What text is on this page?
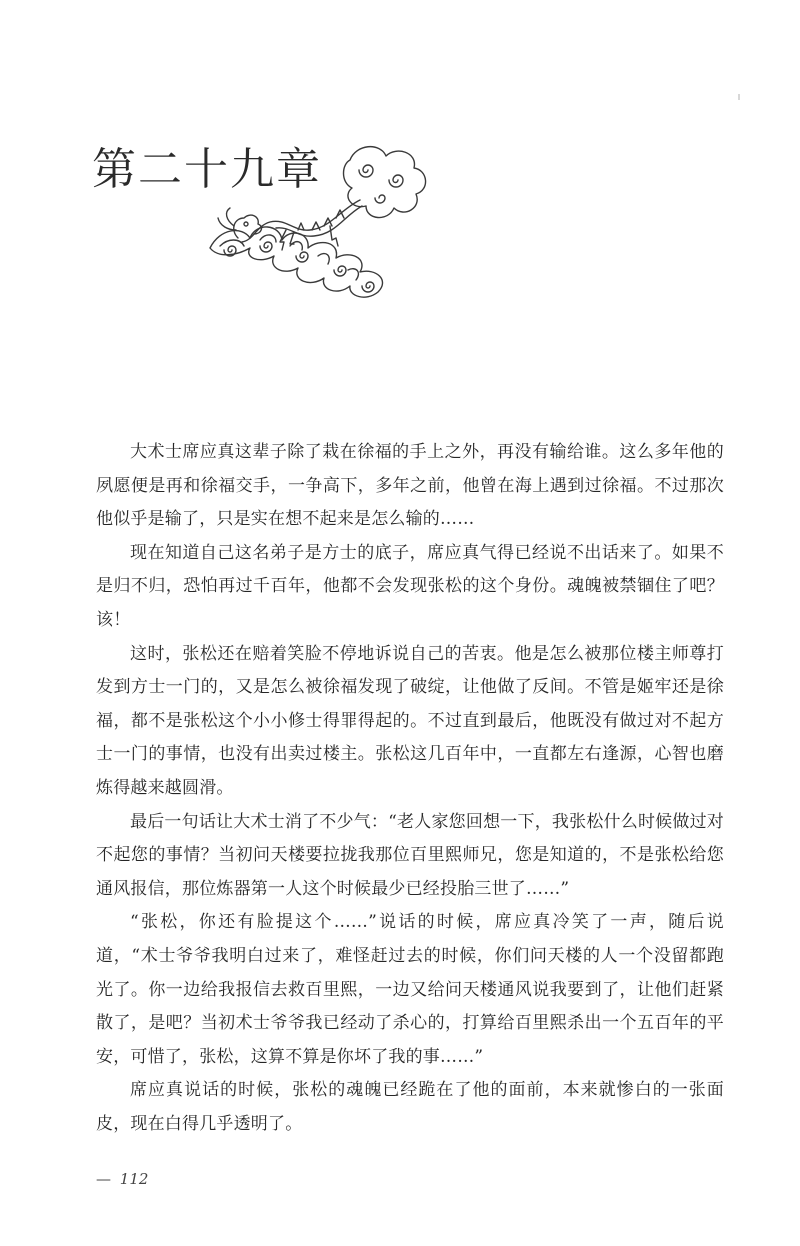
第二十九章

大术士席应真这辈子除了栽在徐福的手上之外，再没有输给谁。这么多年他的夙愿便是再和徐福交手，一争高下，多年之前，他曾在海上遇到过徐福。不过那次他似乎是输了，只是实在想不起来是怎么输的……

现在知道自己这名弟子是方士的底子，席应真气得已经说不出话来了。如果不是归不归，恐怕再过千百年，他都不会发现张松的这个身份。魂魄被禁锢住了吧？该！

这时，张松还在赔着笑脸不停地诉说自己的苦衷。他是怎么被那位楼主师尊打发到方士一门的，又是怎么被徐福发现了破绽，让他做了反间。不管是姬牢还是徐福，都不是张松这个小小修士得罪得起的。不过直到最后，他既没有做过对不起方士一门的事情，也没有出卖过楼主。张松这几百年中，一直都左右逢源，心智也磨炼得越来越圆滑。

最后一句话让大术士消了不少气：“老人家您回想一下，我张松什么时候做过对不起您的事情？当初问天楼要拉拢我那位百里熙师兄，您是知道的，不是张松给您通风报信，那位炼器第一人这个时候最少已经投胎三世了……”

“张松，你还有脸提这个……”说话的时候，席应真冷笑了一声，随后说道，“术士爷爷我明白过来了，难怪赶过去的时候，你们问天楼的人一个没留都跑光了。你一边给我报信去救百里熙，一边又给问天楼通风说我要到了，让他们赶紧散了，是吧？当初术士爷爷我已经动了杀心的，打算给百里熙杀出一个五百年的平安，可惜了，张松，这算不算是你坏了我的事……”

席应真说话的时候，张松的魂魄已经跪在了他的面前，本来就惨白的一张面皮，现在白得几乎透明了。

— 112
